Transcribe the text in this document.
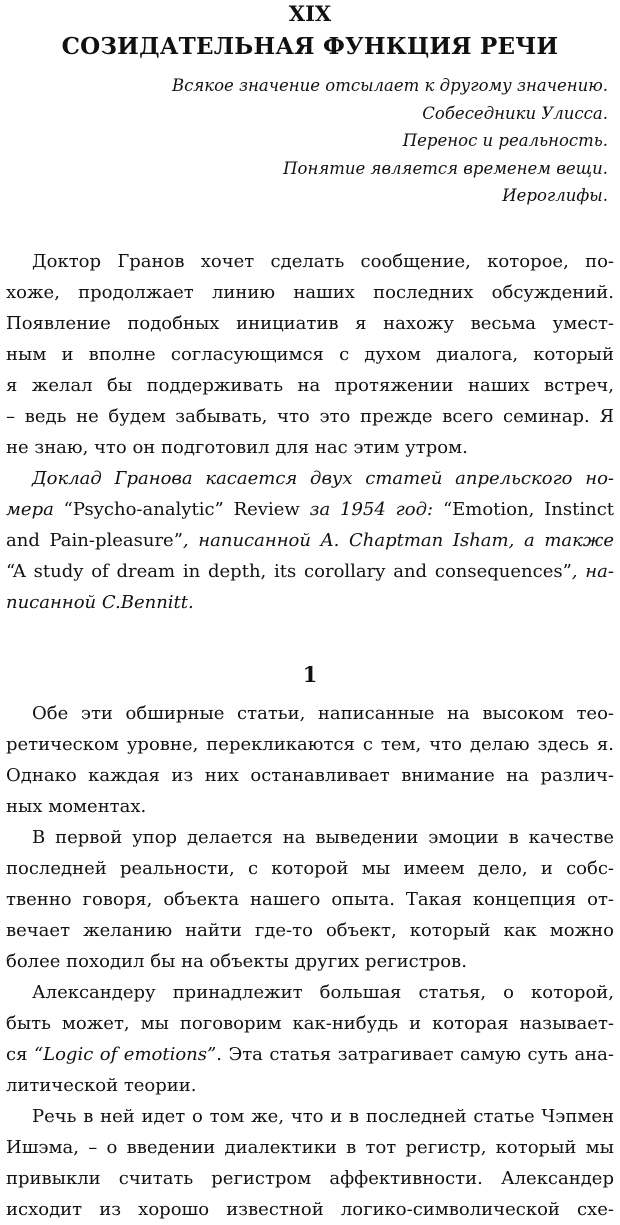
XIX
СОЗИДАТЕЛЬНАЯ ФУНКЦИЯ РЕЧИ
Всякое значение отсылает к другому значению.
Собеседники Улисса.
Перенос и реальность.
Понятие является временем вещи.
Иероглифы.
Доктор Гранов хочет сделать сообщение, которое, по-
хоже, продолжает линию наших последних обсуждений.
Появление подобных инициатив я нахожу весьма умест-
ным и вполне согласующимся с духом диалога, который
я желал бы поддерживать на протяжении наших встреч,
– ведь не будем забывать, что это прежде всего семинар. Я
не знаю, что он подготовил для нас этим утром.
Доклад Гранова касается двух статей апрельского но-
мера “Psycho-analytic” Review за 1954 год: “Emotion, Instinct
and Pain-pleasure”, написанной A. Chaptman Isham, а также
“A study of dream in depth, its corollary and consequences”, на-
писанной C.Bennitt.
1
Обе эти обширные статьи, написанные на высоком тео-
ретическом уровне, перекликаются с тем, что делаю здесь я.
Однако каждая из них останавливает внимание на различ-
ных моментах.
В первой упор делается на выведении эмоции в качестве
последней реальности, с которой мы имеем дело, и собс-
твенно говоря, объекта нашего опыта. Такая концепция от-
вечает желанию найти где-то объект, который как можно
более походил бы на объекты других регистров.
Александеру принадлежит большая статья, о которой,
быть может, мы поговорим как-нибудь и которая называет-
ся “Logic of emotions”. Эта статья затрагивает самую суть ана-
литической теории.
Речь в ней идет о том же, что и в последней статье Чэпмен
Ишэма, – о введении диалектики в тот регистр, который мы
привыкли считать регистром аффективности. Александер
исходит из хорошо известной логико-символической схе-
